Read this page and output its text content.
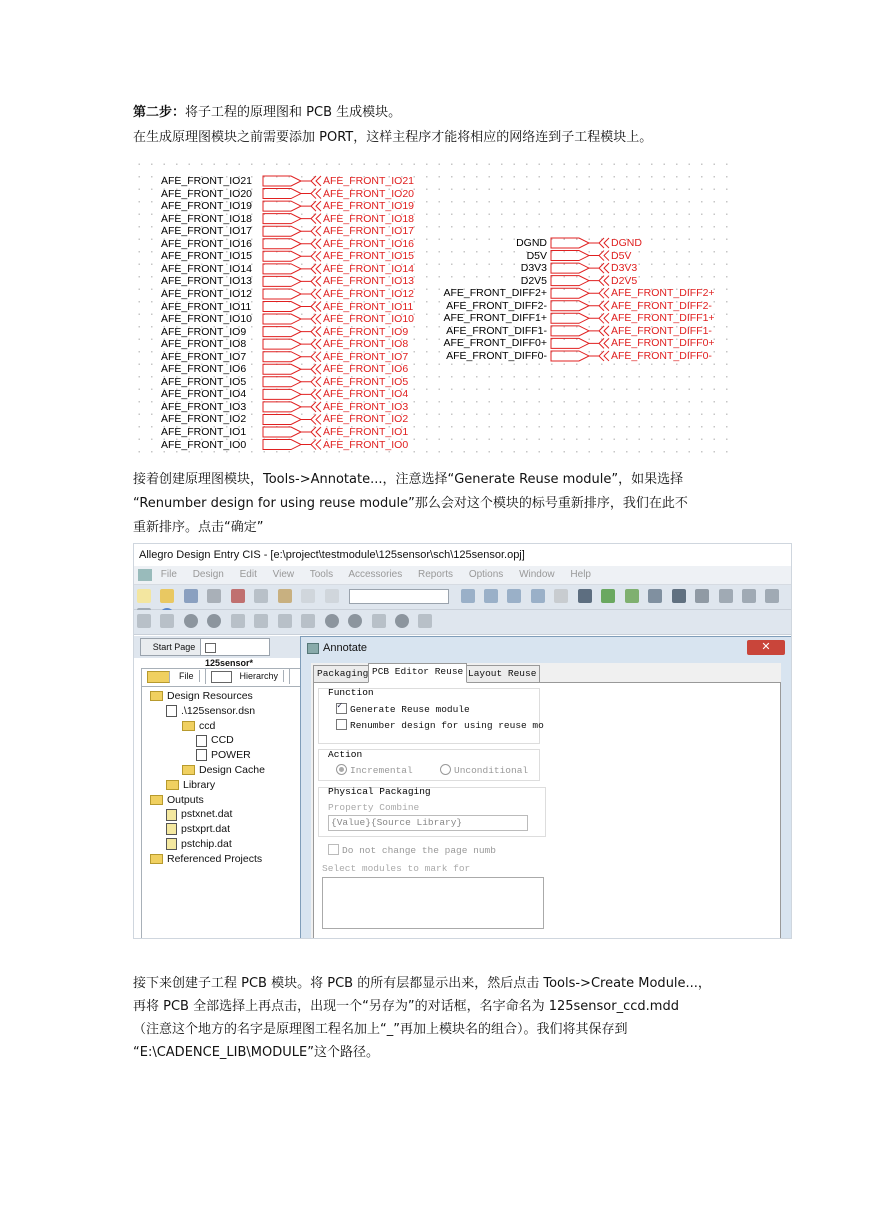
第二步：将子工程的原理图和 PCB 生成模块。
在生成原理图模块之前需要添加 PORT，这样主程序才能将相应的网络连到子工程模块上。
AFE_FRONT_IO21	AFE_FRONT_IO21
AFE_FRONT_IO20	AFE_FRONT_IO20
AFE_FRONT_IO19	AFE_FRONT_IO19
AFE_FRONT_IO18	AFE_FRONT_IO18
AFE_FRONT_IO17	AFE_FRONT_IO17
AFE_FRONT_IO16	AFE_FRONT_IO16
AFE_FRONT_IO15	AFE_FRONT_IO15
AFE_FRONT_IO14	AFE_FRONT_IO14
AFE_FRONT_IO13	AFE_FRONT_IO13
AFE_FRONT_IO12	AFE_FRONT_IO12
AFE_FRONT_IO11	AFE_FRONT_IO11
AFE_FRONT_IO10	AFE_FRONT_IO10
AFE_FRONT_IO9	AFE_FRONT_IO9
AFE_FRONT_IO8	AFE_FRONT_IO8
AFE_FRONT_IO7	AFE_FRONT_IO7
AFE_FRONT_IO6	AFE_FRONT_IO6
AFE_FRONT_IO5	AFE_FRONT_IO5
AFE_FRONT_IO4	AFE_FRONT_IO4
AFE_FRONT_IO3	AFE_FRONT_IO3
AFE_FRONT_IO2	AFE_FRONT_IO2
AFE_FRONT_IO1	AFE_FRONT_IO1
AFE_FRONT_IO0	AFE_FRONT_IO0
DGND	DGND
D5V	D5V
D3V3	D3V3
D2V5	D2V5
AFE_FRONT_DIFF2+	AFE_FRONT_DIFF2+
AFE_FRONT_DIFF2-	AFE_FRONT_DIFF2-
AFE_FRONT_DIFF1+	AFE_FRONT_DIFF1+
AFE_FRONT_DIFF1-	AFE_FRONT_DIFF1-
AFE_FRONT_DIFF0+	AFE_FRONT_DIFF0+
AFE_FRONT_DIFF0-	AFE_FRONT_DIFF0-
接着创建原理图模块，Tools->Annotate...，注意选择“Generate Reuse module”，如果选择
“Renumber design for using reuse module”那么会对这个模块的标号重新排序，我们在此不
重新排序。点击“确定”
Allegro Design Entry CIS - [e:\project\testmodule\125sensor\sch\125sensor.opj]
File Design Edit View Tools Accessories Reports Options Window Help

Start Page
125sensor*
File	Hierarchy
Design Resources
.\125sensor.dsn
ccd
CCD
POWER
Design Cache
Library
Outputs
pstxnet.dat
pstxprt.dat
pstchip.dat
Referenced Projects
Annotate	✕
Packaging PCB Editor Reuse Layout Reuse
Function
✓Generate Reuse module
Renumber design for using reuse mo
Action
Incremental	Unconditional
Physical Packaging
Property Combine
{Value}{Source Library}
Do not change the page numb
Select modules to mark for
接下来创建子工程 PCB 模块。将 PCB 的所有层都显示出来，然后点击 Tools->Create Module...，
再将 PCB 全部选择上再点击，出现一个“另存为”的对话框，名字命名为 125sensor_ccd.mdd
（注意这个地方的名字是原理图工程名加上“_”再加上模块名的组合）。我们将其保存到
“E:\CADENCE_LIB\MODULE”这个路径。
